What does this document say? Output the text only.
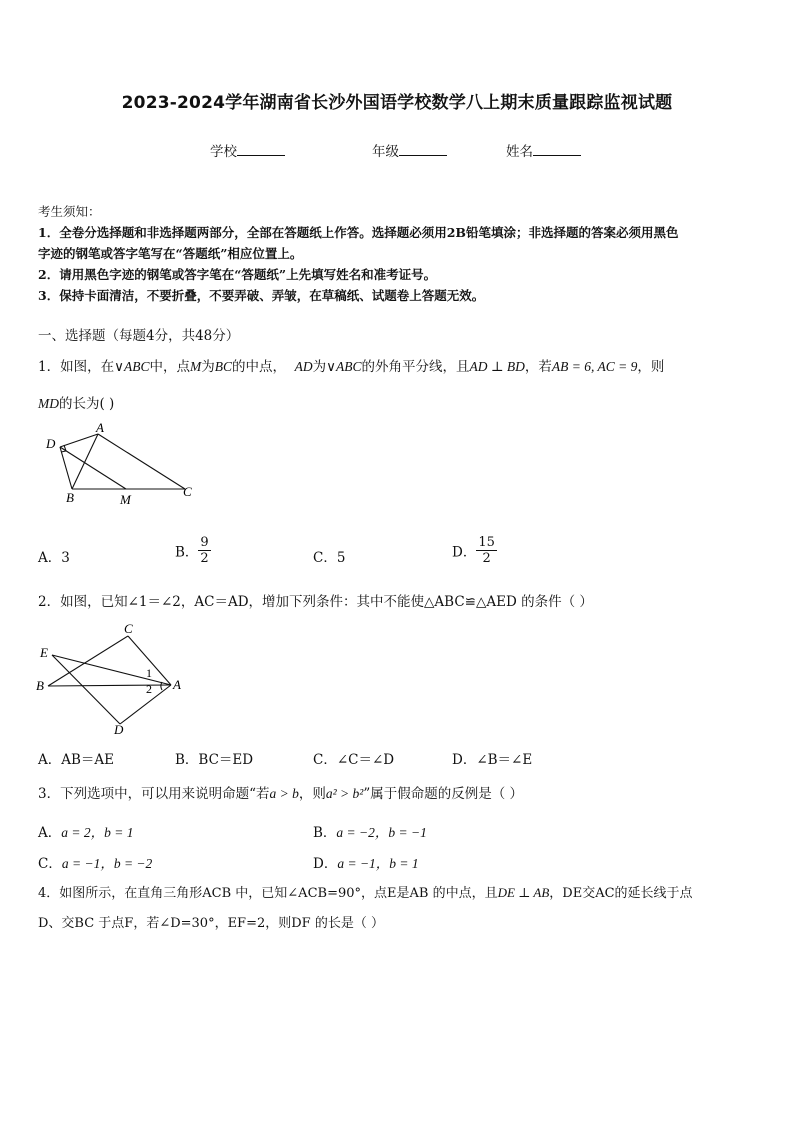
2023-2024学年湖南省长沙外国语学校数学八上期末质量跟踪监视试题
学校	年级	姓名
考生须知：
1．全卷分选择题和非选择题两部分，全部在答题纸上作答。选择题必须用2B铅笔填涂；非选择题的答案必须用黑色
字迹的钢笔或答字笔写在“答题纸”相应位置上。
2．请用黑色字迹的钢笔或答字笔在“答题纸”上先填写姓名和准考证号。
3．保持卡面清洁，不要折叠，不要弄破、弄皱，在草稿纸、试题卷上答题无效。
一、选择题（每题4分，共48分）
1．如图，在∨ABC中，点M为BC的中点， AD为∨ABC的外角平分线，且AD ⊥ BD，若AB = 6, AC = 9，则
MD的长为( )
D
A
B	M
C
A．3	B． $\frac{9}{2}$	C．5	D． $\frac{15}{2}$
2．如图，已知∠1＝∠2，AC＝AD，增加下列条件：其中不能使△ABC≌△AED 的条件（ ）
C
E
1
B	2 A
D
A．AB＝AE	B．BC＝ED	C．∠C＝∠D	D．∠B＝∠E
3．下列选项中，可以用来说明命题“若a > b，则a² > b²”属于假命题的反例是（ ）
A．a = 2，b = 1	B．a = −2，b = −1
C．a = −1，b = −2	D．a = −1，b = 1
4．如图所示，在直角三角形ACB 中，已知∠ACB=90°，点E是AB 的中点，且DE ⊥ AB，DE交AC的延长线于点
D、交BC 于点F，若∠D=30°，EF=2，则DF 的长是（ ）
